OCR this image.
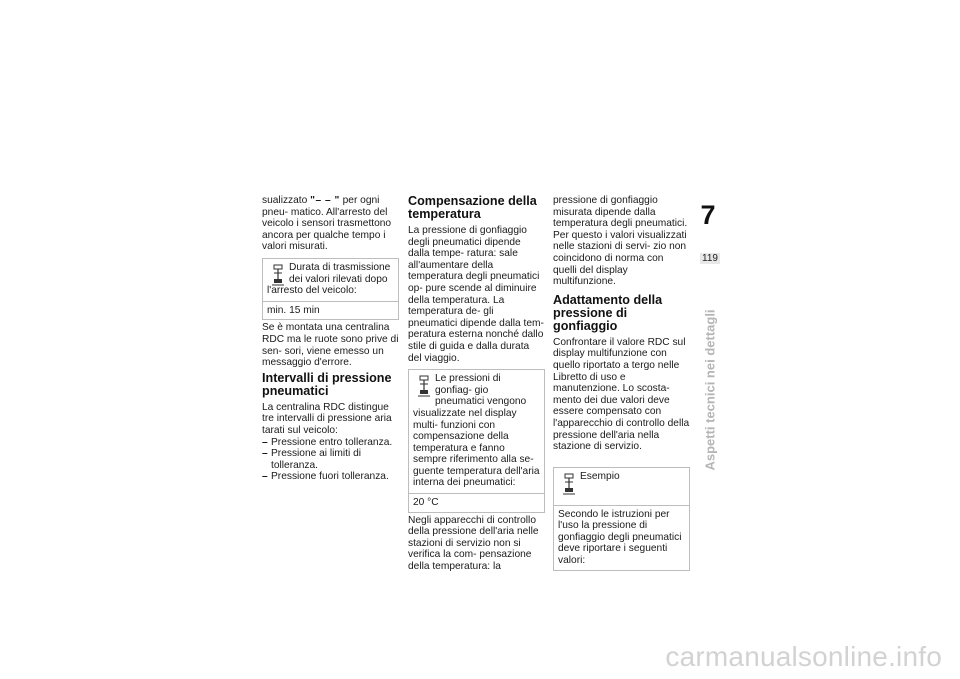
sualizzato "– – " per ogni pneu- matico. All'arresto del veicolo i sensori trasmettono ancora per qualche tempo i valori misurati.

Durata di trasmissione dei valori rilevati dopo
l'arresto del veicolo:
min. 15 min

Se è montata una centralina RDC ma le ruote sono prive di sen- sori, viene emesso un messaggio d'errore.

Intervalli di pressione pneumatici

La centralina RDC distingue tre intervalli di pressione aria tarati sul veicolo:

– Pressione entro tolleranza.
– Pressione ai limiti di tolleranza.
– Pressione fuori tolleranza.
Compensazione della temperatura

La pressione di gonfiaggio degli pneumatici dipende dalla tempe- ratura: sale all'aumentare della temperatura degli pneumatici op- pure scende al diminuire della temperatura. La temperatura de- gli pneumatici dipende dalla tem- peratura esterna nonché dallo stile di guida e dalla durata del viaggio.

Le pressioni di gonfiag- gio pneumatici vengono
visualizzate nel display multi- funzioni con compensazione della temperatura e fanno sempre riferimento alla se- guente temperatura dell'aria interna dei pneumatici:
20 °C

Negli apparecchi di controllo della pressione dell'aria nelle stazioni di servizio non si verifica la com- pensazione della temperatura: la

pressione di gonfiaggio misurata dipende dalla temperatura degli pneumatici. Per questo i valori visualizzati nelle stazioni di servi- zio non coincidono di norma con quelli del display multifunzione.

Adattamento della pressione di gonfiaggio

Confrontare il valore RDC sul display multifunzione con quello riportato a tergo nelle Libretto di uso e manutenzione. Lo scosta- mento dei due valori deve essere compensato con l'apparecchio di controllo della pressione dell'aria nella stazione di servizio.

Esempio
Secondo le istruzioni per l'uso la pressione di gonfiaggio degli pneumatici deve riportare i seguenti valori:
7
119
Aspetti tecnici nei dettagli
carmanualsonline.info
